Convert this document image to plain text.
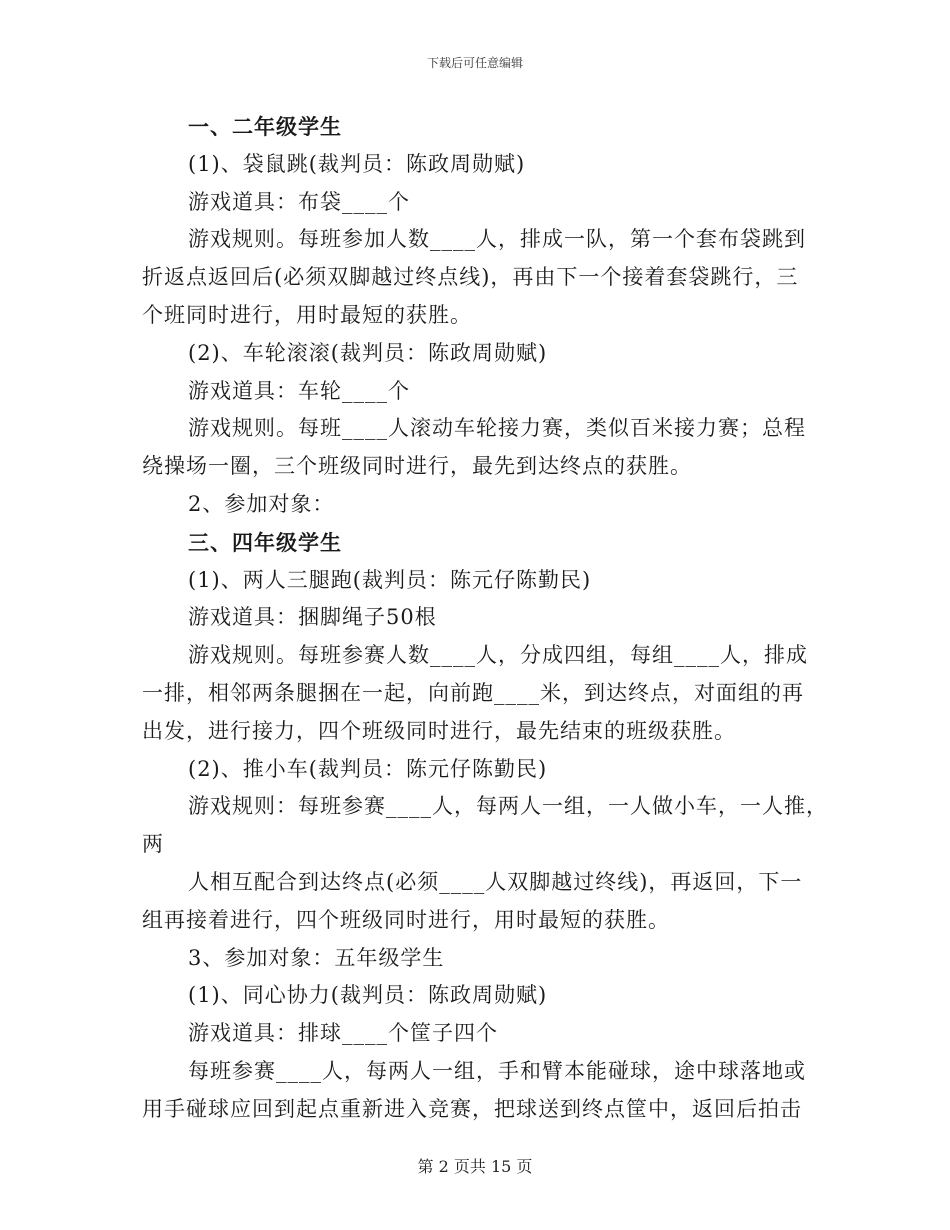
下载后可任意编辑
一、二年级学生
(1)、袋鼠跳(裁判员：陈政周勋赋)
游戏道具：布袋____个
游戏规则。每班参加人数____人，排成一队，第一个套布袋跳到
折返点返回后(必须双脚越过终点线)，再由下一个接着套袋跳行，三
个班同时进行，用时最短的获胜。
(2)、车轮滚滚(裁判员：陈政周勋赋)
游戏道具：车轮____个
游戏规则。每班____人滚动车轮接力赛，类似百米接力赛；总程
绕操场一圈，三个班级同时进行，最先到达终点的获胜。
2、参加对象：
三、四年级学生
(1)、两人三腿跑(裁判员：陈元仔陈勤民)
游戏道具：捆脚绳子50根
游戏规则。每班参赛人数____人，分成四组，每组____人，排成
一排，相邻两条腿捆在一起，向前跑____米，到达终点，对面组的再
出发，进行接力，四个班级同时进行，最先结束的班级获胜。
(2)、推小车(裁判员：陈元仔陈勤民)
游戏规则：每班参赛____人，每两人一组，一人做小车，一人推，
两
人相互配合到达终点(必须____人双脚越过终线)，再返回，下一
组再接着进行，四个班级同时进行，用时最短的获胜。
3、参加对象：五年级学生
(1)、同心协力(裁判员：陈政周勋赋)
游戏道具：排球____个筐子四个
每班参赛____人，每两人一组，手和臂本能碰球，途中球落地或
用手碰球应回到起点重新进入竞赛，把球送到终点筐中，返回后拍击
第 2 页共 15 页
